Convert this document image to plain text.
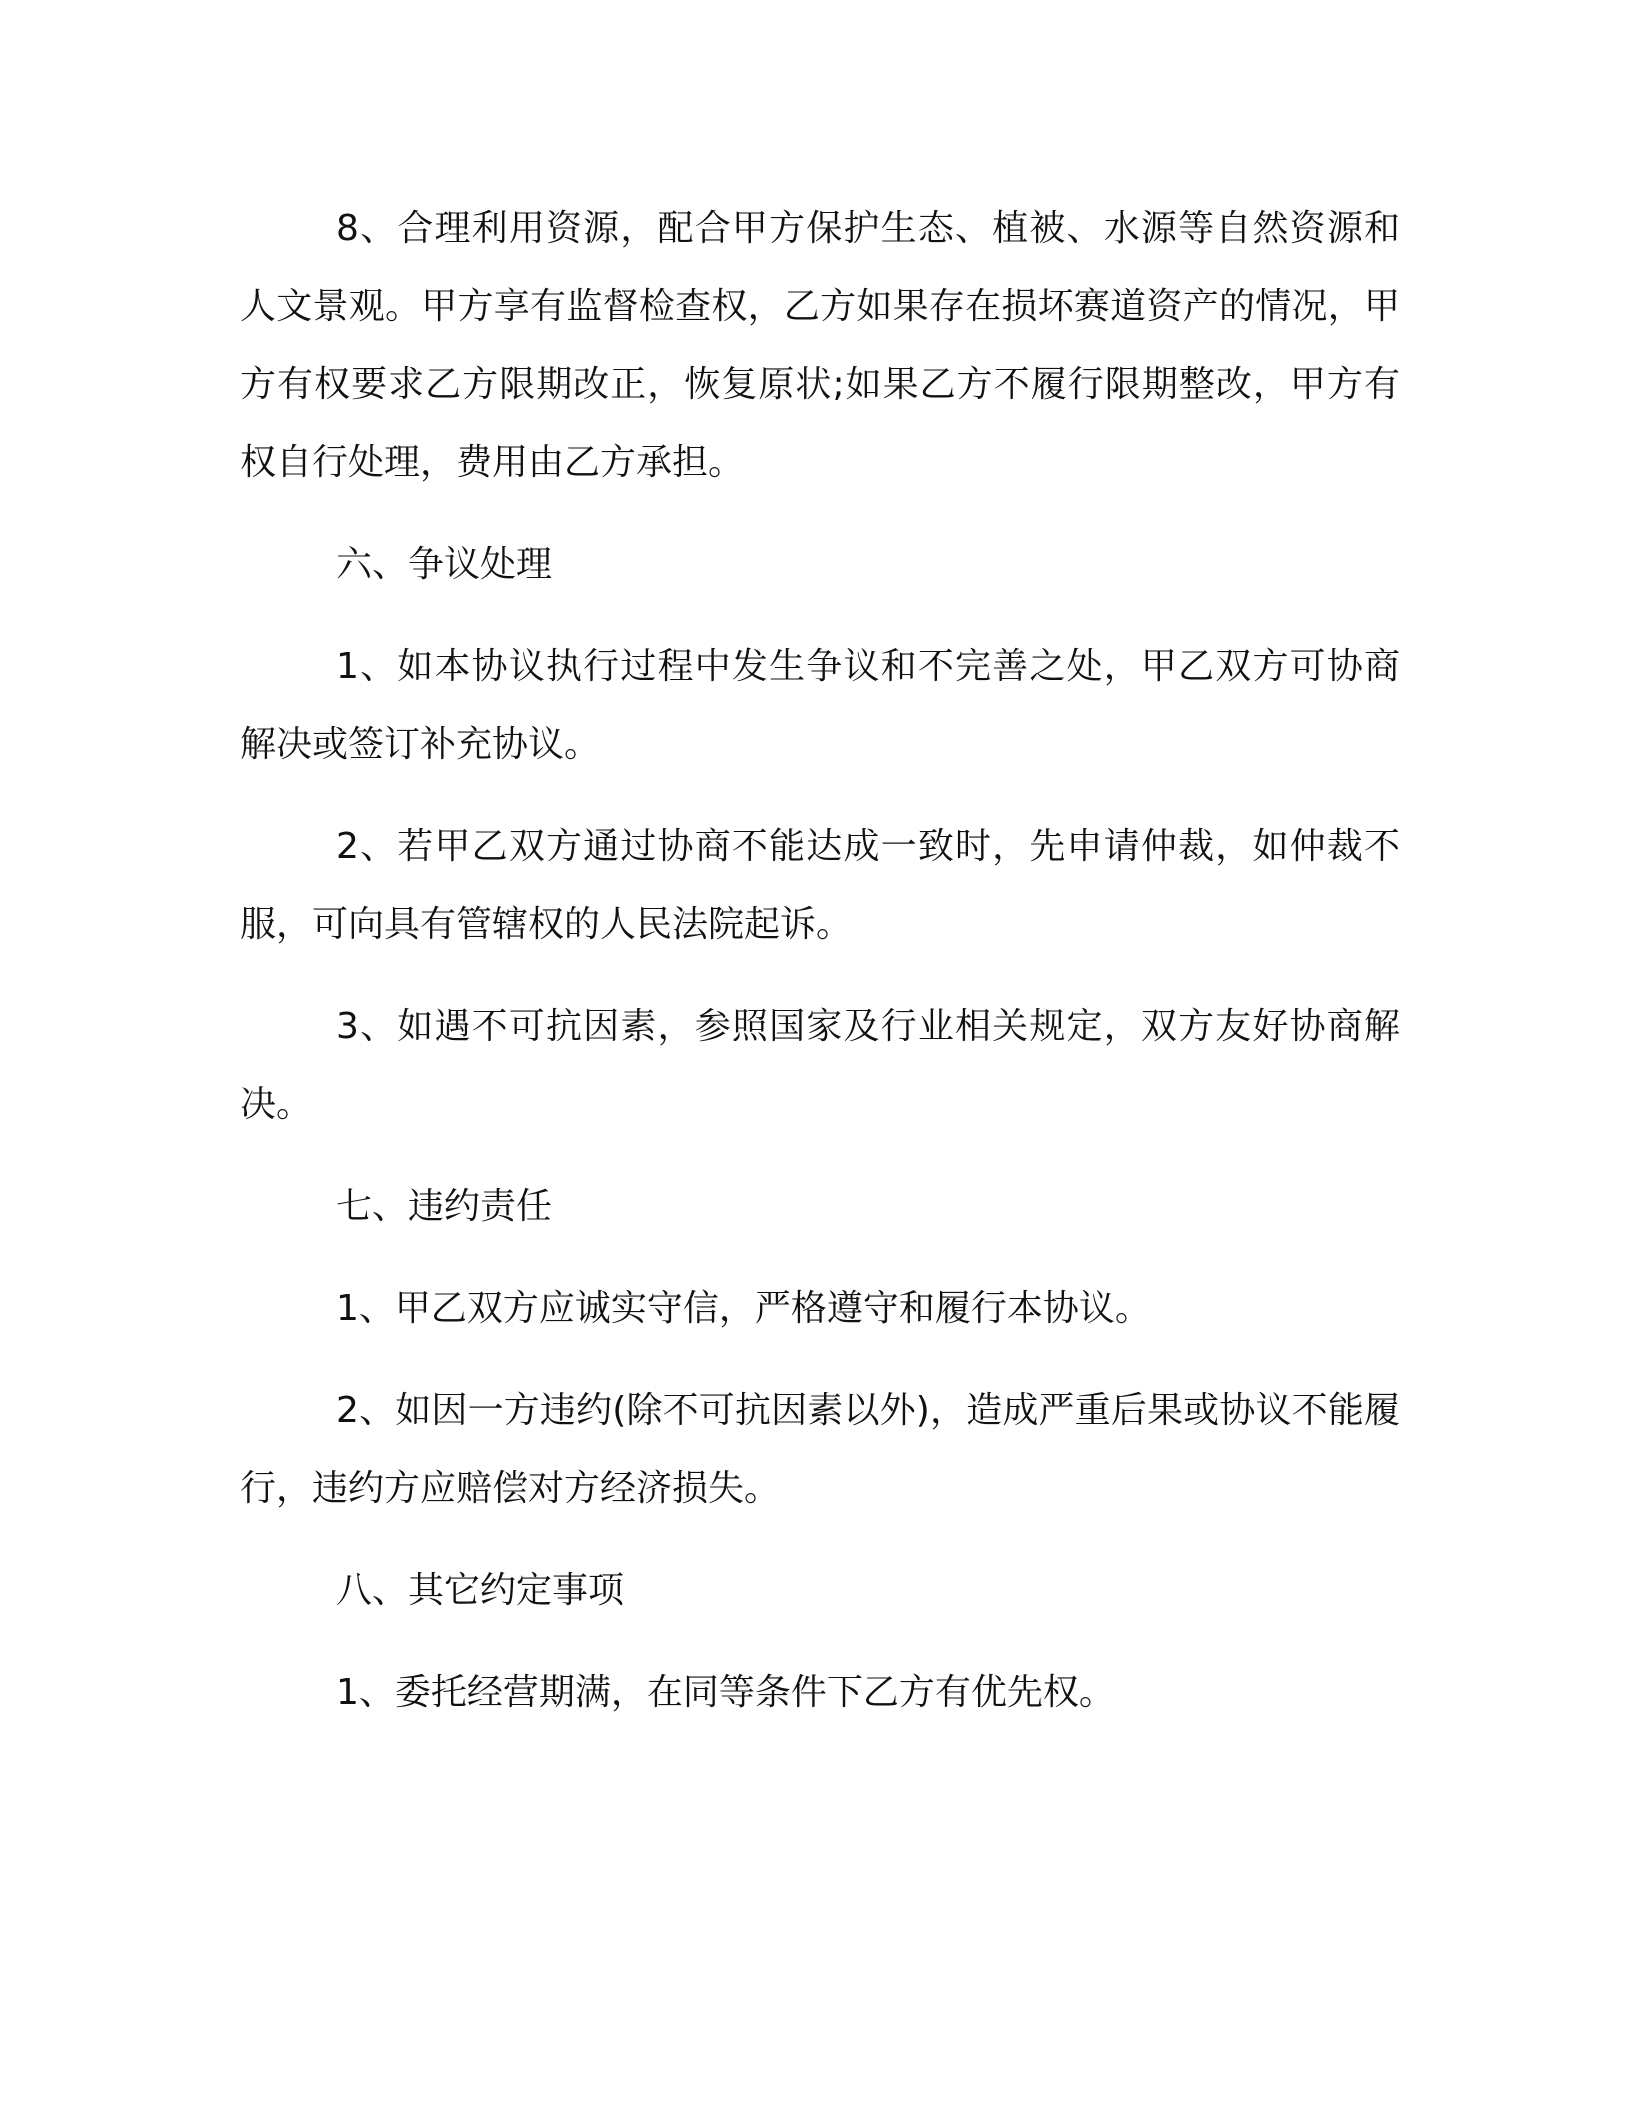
8、合理利用资源，配合甲方保护生态、植被、水源等自然资源和人文景观。甲方享有监督检查权，乙方如果存在损坏赛道资产的情况，甲方有权要求乙方限期改正，恢复原状;如果乙方不履行限期整改，甲方有权自行处理，费用由乙方承担。

六、争议处理

1、如本协议执行过程中发生争议和不完善之处，甲乙双方可协商解决或签订补充协议。

2、若甲乙双方通过协商不能达成一致时，先申请仲裁，如仲裁不服，可向具有管辖权的人民法院起诉。

3、如遇不可抗因素，参照国家及行业相关规定，双方友好协商解决。

七、违约责任

1、甲乙双方应诚实守信，严格遵守和履行本协议。

2、如因一方违约(除不可抗因素以外)，造成严重后果或协议不能履行，违约方应赔偿对方经济损失。

八、其它约定事项

1、委托经营期满，在同等条件下乙方有优先权。
